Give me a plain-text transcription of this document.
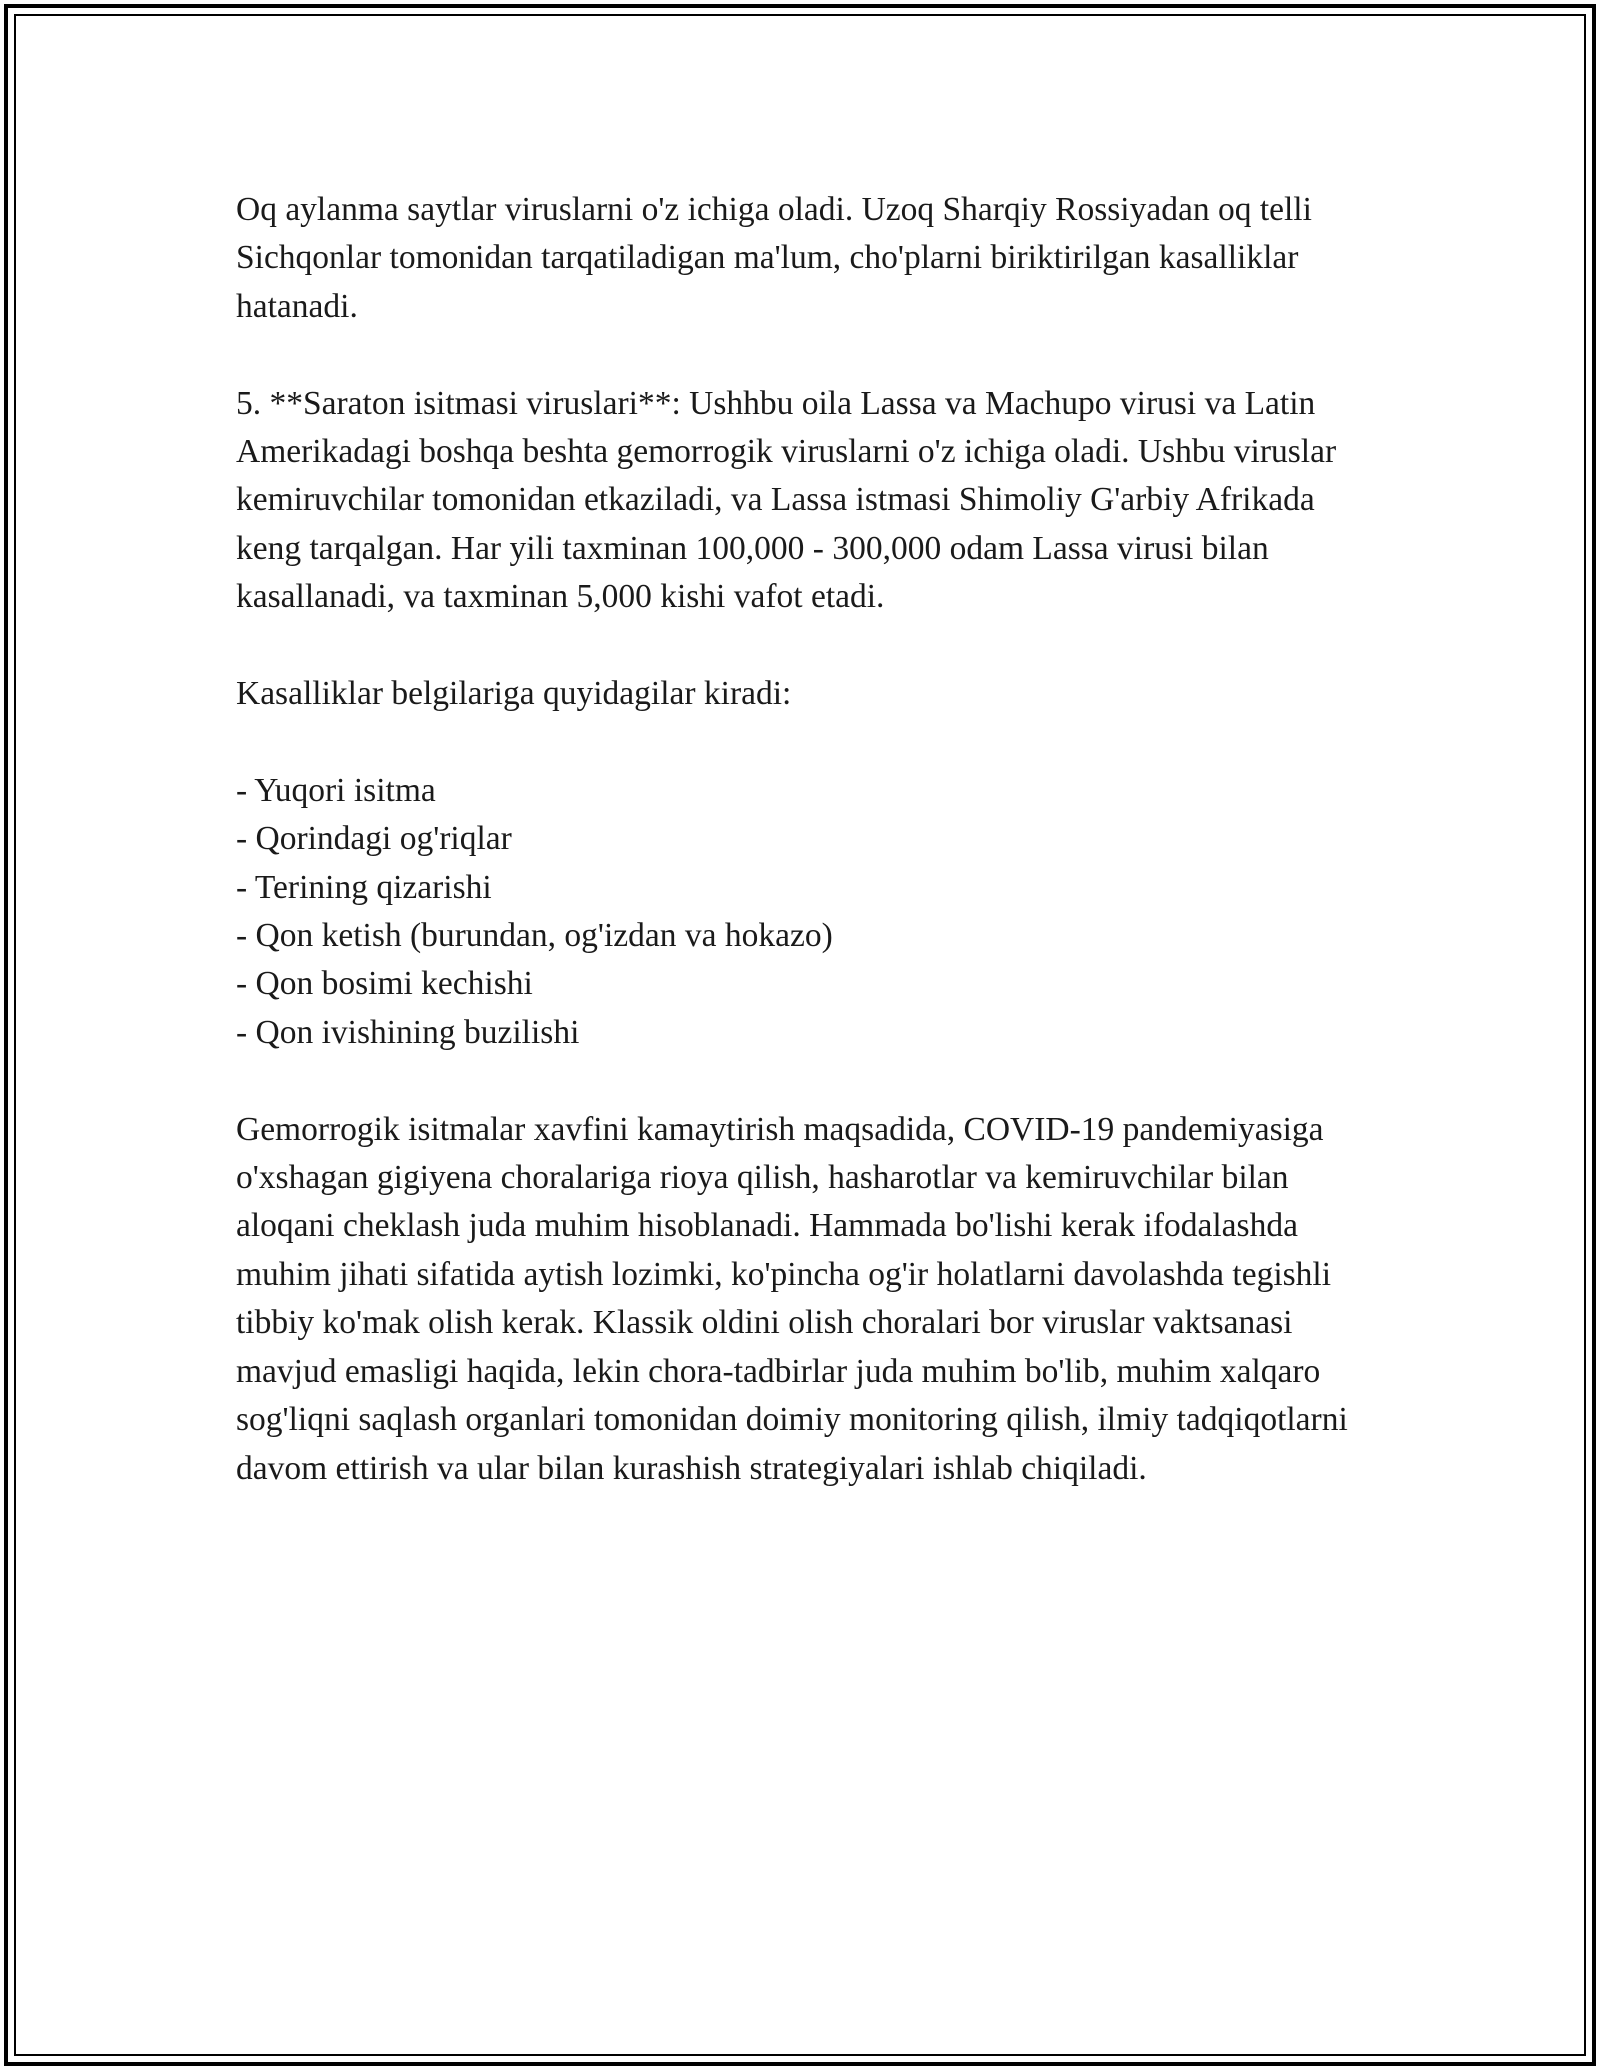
Oq aylanma saytlar viruslarni o'z ichiga oladi. Uzoq Sharqiy Rossiyadan oq telli Sichqonlar tomonidan tarqatiladigan ma'lum, cho'plarni biriktirilgan kasalliklar hatanadi.

5. **Saraton isitmasi viruslari**: Ushhbu oila Lassa va Machupo virusi va Latin Amerikadagi boshqa beshta gemorrogik viruslarni o'z ichiga oladi. Ushbu viruslar kemiruvchilar tomonidan etkaziladi, va Lassa istmasi Shimoliy G'arbiy Afrikada keng tarqalgan. Har yili taxminan 100,000 - 300,000 odam Lassa virusi bilan kasallanadi, va taxminan 5,000 kishi vafot etadi.

Kasalliklar belgilariga quyidagilar kiradi:

- Yuqori isitma
- Qorindagi og'riqlar
- Terining qizarishi
- Qon ketish (burundan, og'izdan va hokazo)
- Qon bosimi kechishi
- Qon ivishining buzilishi

Gemorrogik isitmalar xavfini kamaytirish maqsadida, COVID-19 pandemiyasiga o'xshagan gigiyena choralariga rioya qilish, hasharotlar va kemiruvchilar bilan aloqani cheklash juda muhim hisoblanadi. Hammada bo'lishi kerak ifodalashda muhim jihati sifatida aytish lozimki, ko'pincha og'ir holatlarni davolashda tegishli tibbiy ko'mak olish kerak. Klassik oldini olish choralari bor viruslar vaktsanasi mavjud emasligi haqida, lekin chora-tadbirlar juda muhim bo'lib, muhim xalqaro sog'liqni saqlash organlari tomonidan doimiy monitoring qilish, ilmiy tadqiqotlarni davom ettirish va ular bilan kurashish strategiyalari ishlab chiqiladi.
